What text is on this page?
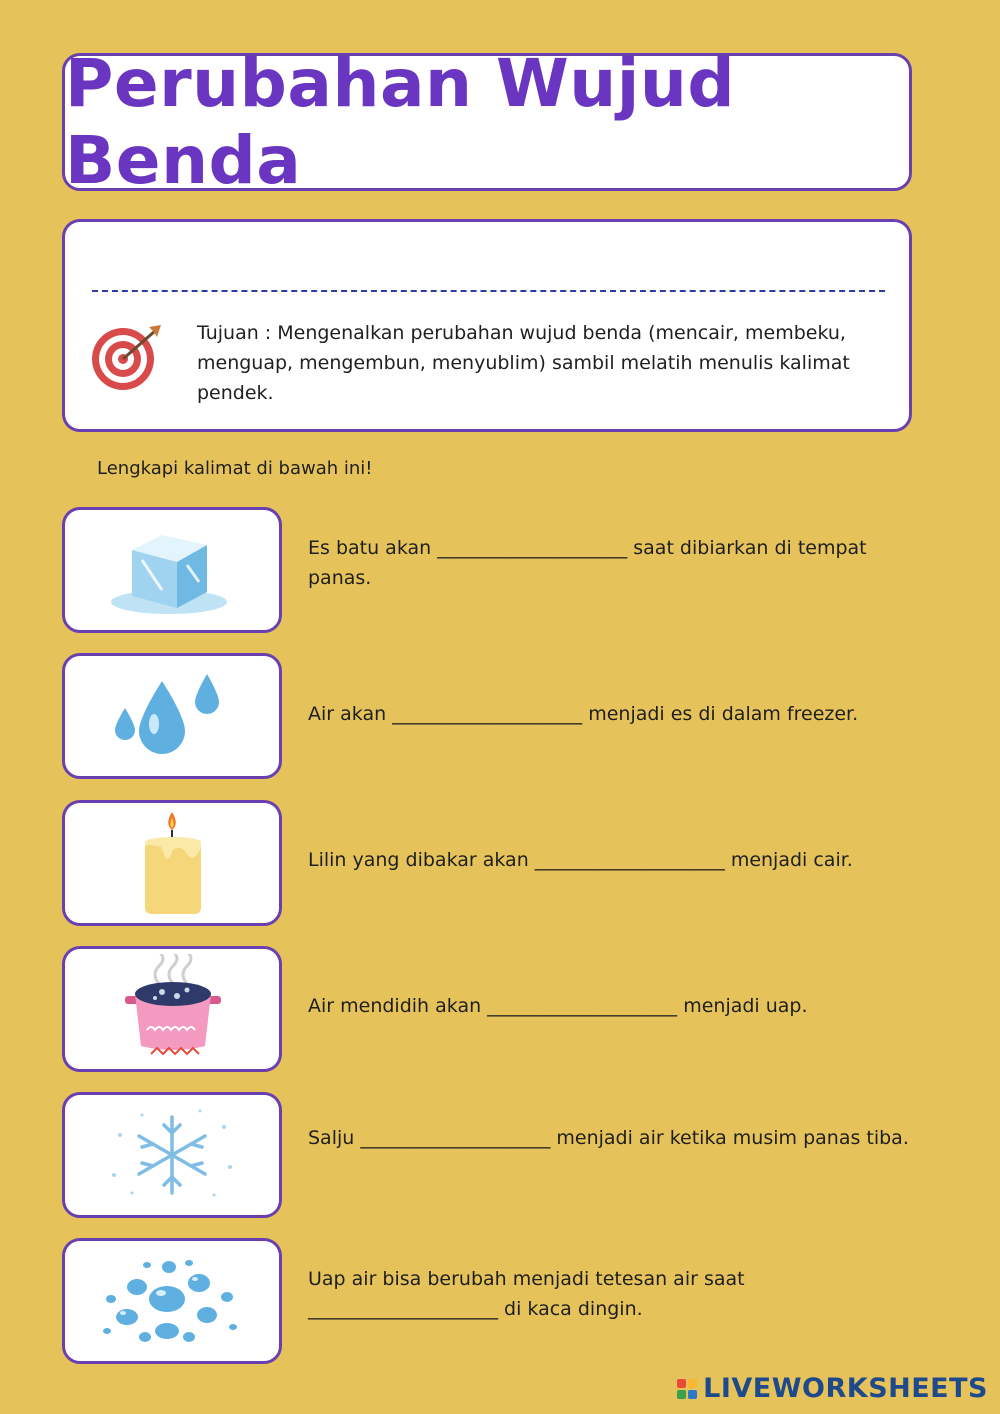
Perubahan Wujud Benda
Tujuan : Mengenalkan perubahan wujud benda (mencair, membeku, menguap, mengembun, menyublim) sambil melatih menulis kalimat pendek.
Lengkapi kalimat di bawah ini!
Es batu akan ____________________ saat dibiarkan di tempat panas.
Air akan ____________________ menjadi es di dalam freezer.
Lilin yang dibakar akan ____________________ menjadi cair.
Air mendidih akan ____________________ menjadi uap.
Salju ____________________ menjadi air ketika musim panas tiba.
Uap air bisa berubah menjadi tetesan air saat ____________________ di kaca dingin.
LIVEWORKSHEETS
